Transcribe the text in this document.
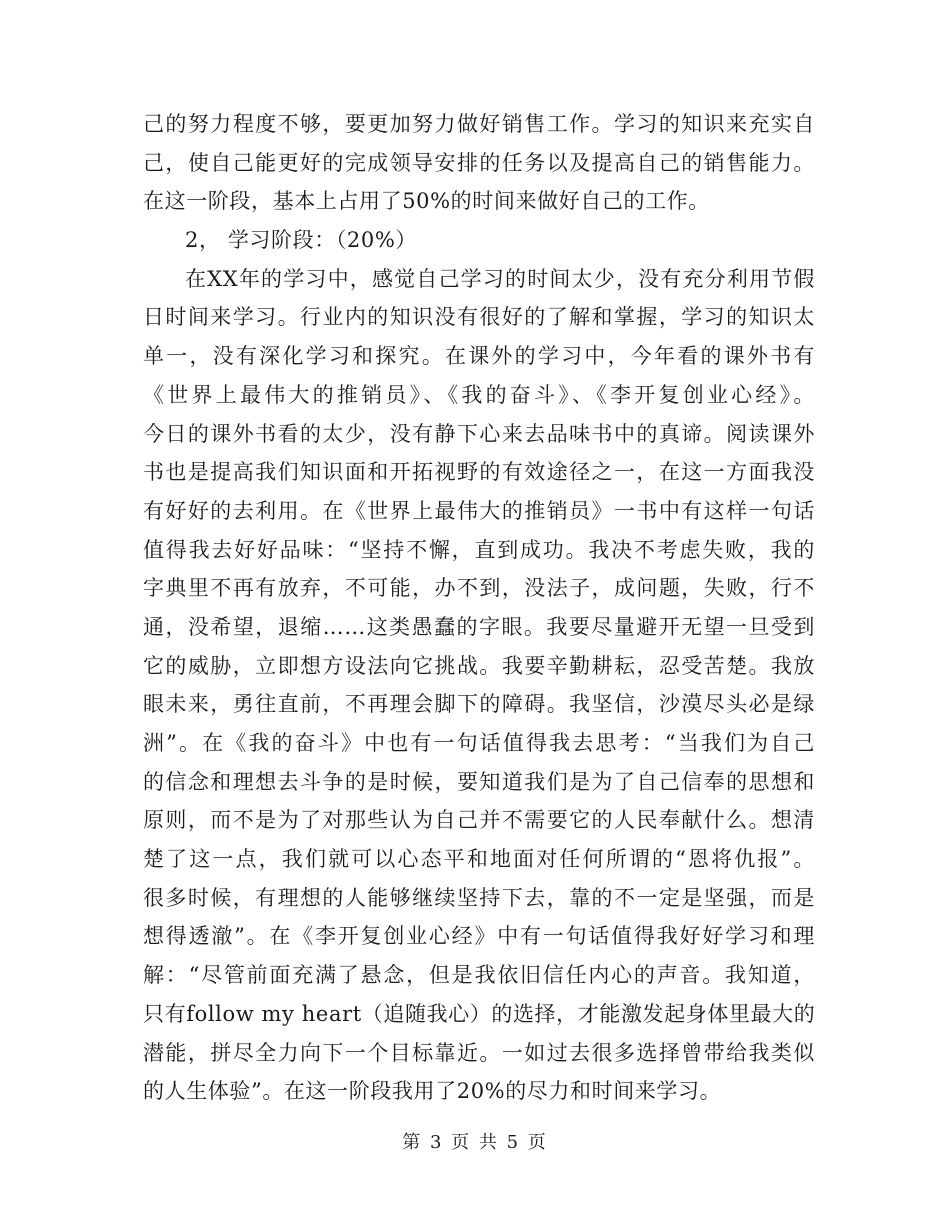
己的努力程度不够，要更加努力做好销售工作。学习的知识来充实自
己，使自己能更好的完成领导安排的任务以及提高自己的销售能力。
在这一阶段，基本上占用了50%的时间来做好自己的工作。
2， 学习阶段：（20%）
在XX年的学习中，感觉自己学习的时间太少，没有充分利用节假
日时间来学习。行业内的知识没有很好的了解和掌握，学习的知识太
单一，没有深化学习和探究。在课外的学习中，今年看的课外书有
《世界上最伟大的推销员》、《我的奋斗》、《李开复创业心经》。
今日的课外书看的太少，没有静下心来去品味书中的真谛。阅读课外
书也是提高我们知识面和开拓视野的有效途径之一，在这一方面我没
有好好的去利用。在《世界上最伟大的推销员》一书中有这样一句话
值得我去好好品味：“坚持不懈，直到成功。我决不考虑失败，我的
字典里不再有放弃，不可能，办不到，没法子，成问题，失败，行不
通，没希望，退缩……这类愚蠢的字眼。我要尽量避开无望一旦受到
它的威胁，立即想方设法向它挑战。我要辛勤耕耘，忍受苦楚。我放
眼未来，勇往直前，不再理会脚下的障碍。我坚信，沙漠尽头必是绿
洲”。在《我的奋斗》中也有一句话值得我去思考：“当我们为自己
的信念和理想去斗争的是时候，要知道我们是为了自己信奉的思想和
原则，而不是为了对那些认为自己并不需要它的人民奉献什么。想清
楚了这一点，我们就可以心态平和地面对任何所谓的“恩将仇报”。
很多时候，有理想的人能够继续坚持下去，靠的不一定是坚强，而是
想得透澈”。在《李开复创业心经》中有一句话值得我好好学习和理
解：“尽管前面充满了悬念，但是我依旧信任内心的声音。我知道，
只有follow my heart（追随我心）的选择，才能激发起身体里最大的
潜能，拼尽全力向下一个目标靠近。一如过去很多选择曾带给我类似
的人生体验”。在这一阶段我用了20%的尽力和时间来学习。
第 3 页 共 5 页
